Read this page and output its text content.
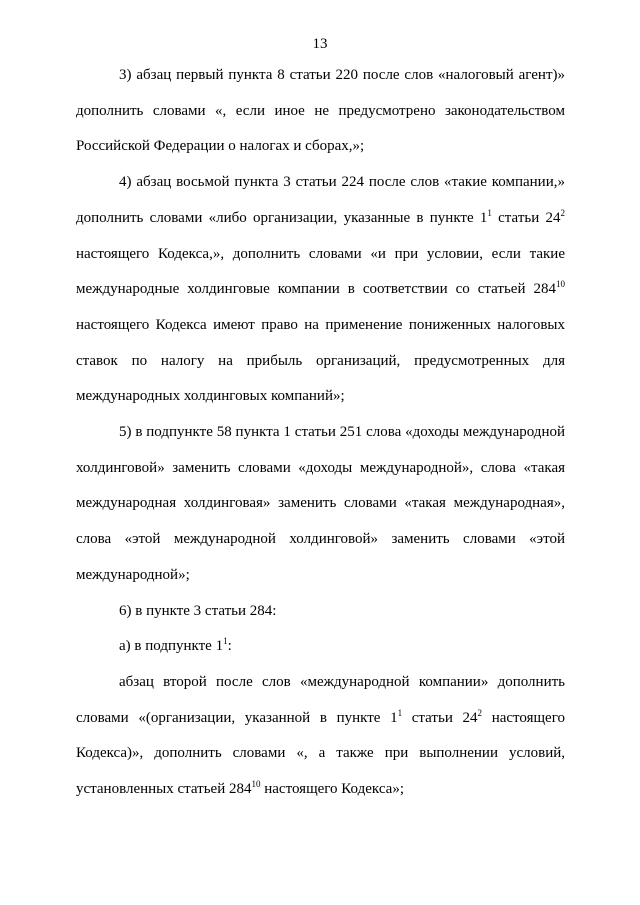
13

3) абзац первый пункта 8 статьи 220 после слов «налоговый агент)» дополнить словами «, если иное не предусмотрено законодательством Российской Федерации о налогах и сборах,»;

4) абзац восьмой пункта 3 статьи 224 после слов «такие компании,» дополнить словами «либо организации, указанные в пункте $1^1$ статьи $24^2$ настоящего Кодекса,», дополнить словами «и при условии, если такие международные холдинговые компании в соответствии со статьей $284^{10}$ настоящего Кодекса имеют право на применение пониженных налоговых ставок по налогу на прибыль организаций, предусмотренных для международных холдинговых компаний»;

5) в подпункте 58 пункта 1 статьи 251 слова «доходы международной холдинговой» заменить словами «доходы международной», слова «такая международная холдинговая» заменить словами «такая международная», слова «этой международной холдинговой» заменить словами «этой международной»;

6) в пункте 3 статьи 284:

а) в подпункте $1^1$:

абзац второй после слов «международной компании» дополнить словами «(организации, указанной в пункте $1^1$ статьи $24^2$ настоящего Кодекса)», дополнить словами «, а также при выполнении условий, установленных статьей $284^{10}$ настоящего Кодекса»;
